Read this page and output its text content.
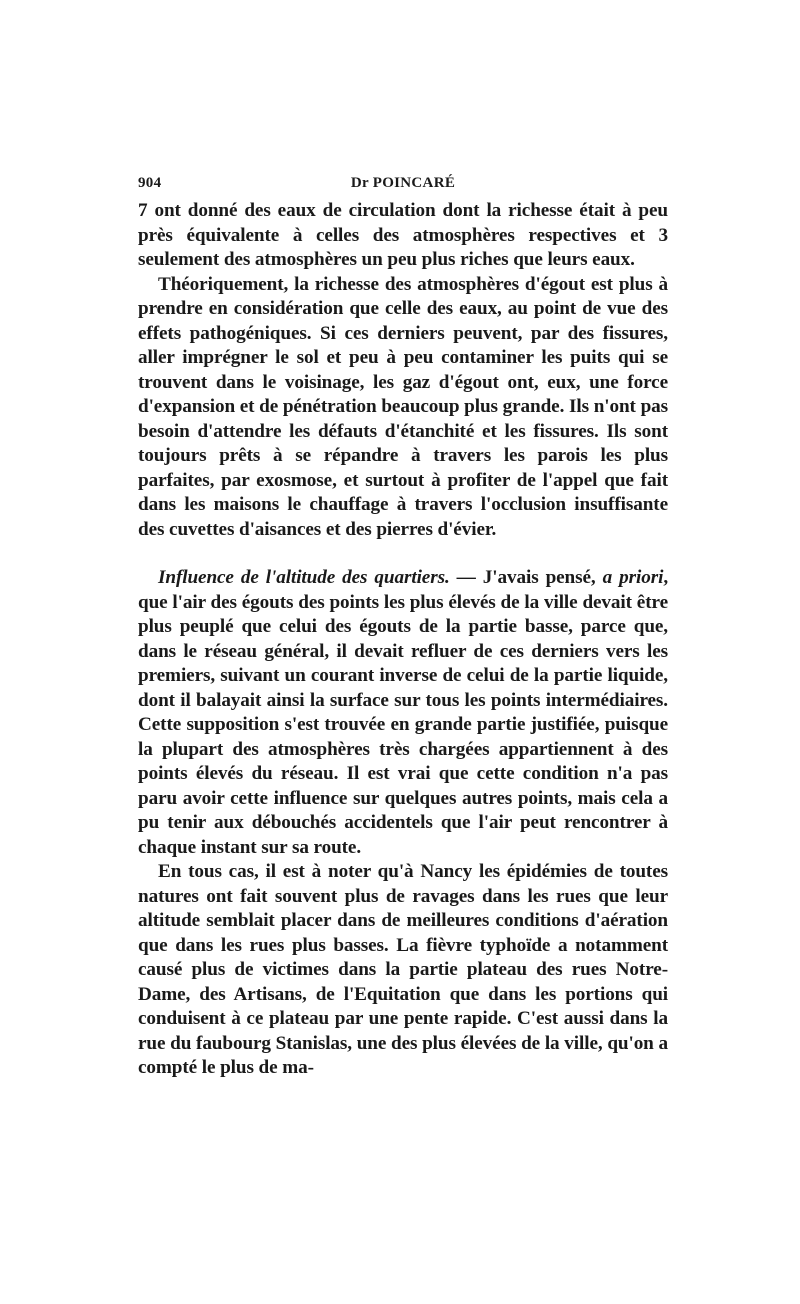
904	Dr POINCARÉ

7 ont donné des eaux de circulation dont la richesse était à peu près équivalente à celles des atmosphères respectives et 3 seulement des atmosphères un peu plus riches que leurs eaux.

Théoriquement, la richesse des atmosphères d'égout est plus à prendre en considération que celle des eaux, au point de vue des effets pathogéniques. Si ces derniers peuvent, par des fissures, aller imprégner le sol et peu à peu contaminer les puits qui se trouvent dans le voisinage, les gaz d'égout ont, eux, une force d'expansion et de pénétration beaucoup plus grande. Ils n'ont pas besoin d'attendre les défauts d'étanchité et les fissures. Ils sont toujours prêts à se répandre à travers les parois les plus parfaites, par exosmose, et surtout à profiter de l'appel que fait dans les maisons le chauffage à travers l'occlusion insuffisante des cuvettes d'aisances et des pierres d'évier.

Influence de l'altitude des quartiers. — J'avais pensé, a priori, que l'air des égouts des points les plus élevés de la ville devait être plus peuplé que celui des égouts de la partie basse, parce que, dans le réseau général, il devait refluer de ces derniers vers les premiers, suivant un courant inverse de celui de la partie liquide, dont il balayait ainsi la surface sur tous les points intermédiaires. Cette supposition s'est trouvée en grande partie justifiée, puisque la plupart des atmosphères très chargées appartiennent à des points élevés du réseau. Il est vrai que cette condition n'a pas paru avoir cette influence sur quelques autres points, mais cela a pu tenir aux débouchés accidentels que l'air peut rencontrer à chaque instant sur sa route.

En tous cas, il est à noter qu'à Nancy les épidémies de toutes natures ont fait souvent plus de ravages dans les rues que leur altitude semblait placer dans de meilleures conditions d'aération que dans les rues plus basses. La fièvre typhoïde a notamment causé plus de victimes dans la partie plateau des rues Notre-Dame, des Artisans, de l'Equitation que dans les portions qui conduisent à ce plateau par une pente rapide. C'est aussi dans la rue du faubourg Stanislas, une des plus élevées de la ville, qu'on a compté le plus de ma-
